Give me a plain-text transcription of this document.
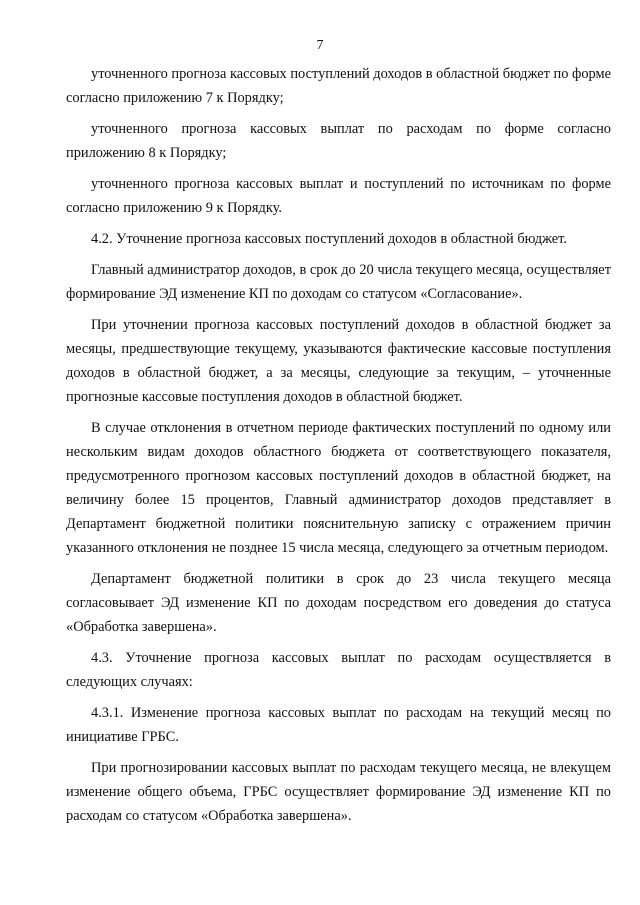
7

уточненного прогноза кассовых поступлений доходов в областной бюджет по форме согласно приложению 7 к Порядку;

уточненного прогноза кассовых выплат по расходам по форме согласно приложению 8 к Порядку;

уточненного прогноза кассовых выплат и поступлений по источникам по форме согласно приложению 9 к Порядку.

4.2. Уточнение прогноза кассовых поступлений доходов в областной бюджет.

Главный администратор доходов, в срок до 20 числа текущего месяца, осуществляет формирование ЭД изменение КП по доходам со статусом «Согласование».

При уточнении прогноза кассовых поступлений доходов в областной бюджет за месяцы, предшествующие текущему, указываются фактические кассовые поступления доходов в областной бюджет, а за месяцы, следующие за текущим, – уточненные прогнозные кассовые поступления доходов в областной бюджет.

В случае отклонения в отчетном периоде фактических поступлений по одному или нескольким видам доходов областного бюджета от соответствующего показателя, предусмотренного прогнозом кассовых поступлений доходов в областной бюджет, на величину более 15 процентов, Главный администратор доходов представляет в Департамент бюджетной политики пояснительную записку с отражением причин указанного отклонения не позднее 15 числа месяца, следующего за отчетным периодом.

Департамент бюджетной политики в срок до 23 числа текущего месяца согласовывает ЭД изменение КП по доходам посредством его доведения до статуса «Обработка завершена».

4.3. Уточнение прогноза кассовых выплат по расходам осуществляется в следующих случаях:

4.3.1. Изменение прогноза кассовых выплат по расходам на текущий месяц по инициативе ГРБС.

При прогнозировании кассовых выплат по расходам текущего месяца, не влекущем изменение общего объема, ГРБС осуществляет формирование ЭД изменение КП по расходам со статусом «Обработка завершена».
